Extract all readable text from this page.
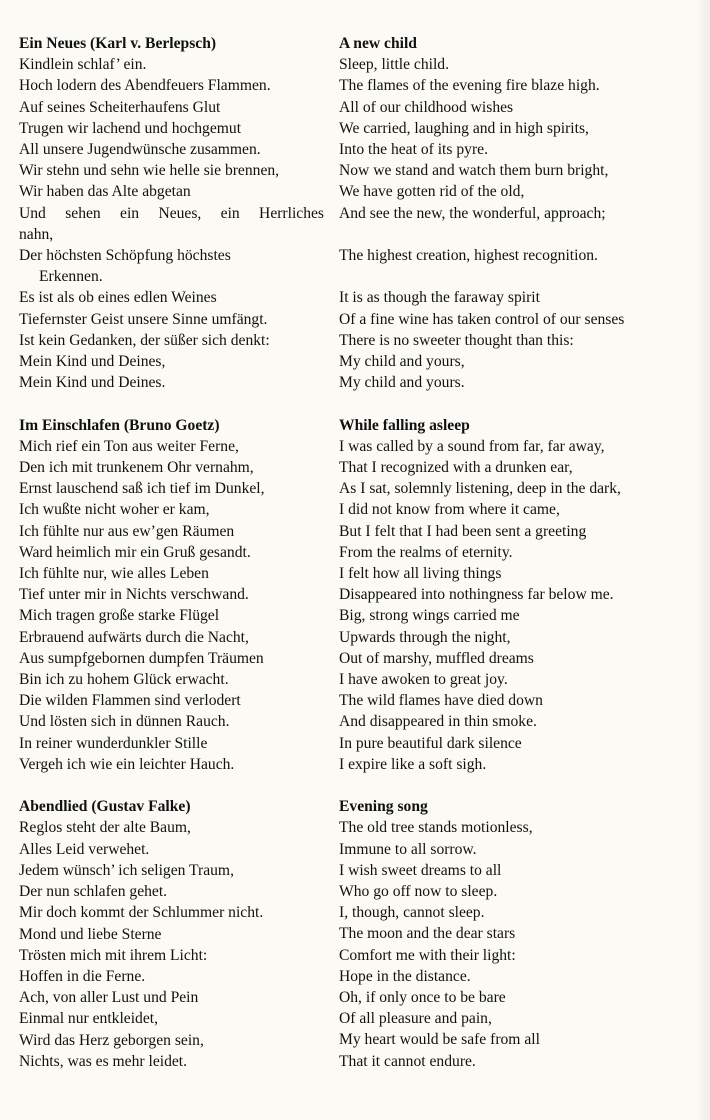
Ein Neues (Karl v. Berlepsch)
Kindlein schlaf’ ein.
Hoch lodern des Abendfeuers Flammen.
Auf seines Scheiterhaufens Glut
Trugen wir lachend und hochgemut
All unsere Jugendwünsche zusammen.
Wir stehn und sehn wie helle sie brennen,
Wir haben das Alte abgetan
Und sehen ein Neues, ein Herrliches
nahn,
Der höchsten Schöpfung höchstes
Erkennen.
Es ist als ob eines edlen Weines
Tiefernster Geist unsere Sinne umfängt.
Ist kein Gedanken, der süßer sich denkt:
Mein Kind und Deines,
Mein Kind und Deines.
Im Einschlafen (Bruno Goetz)
Mich rief ein Ton aus weiter Ferne,
Den ich mit trunkenem Ohr vernahm,
Ernst lauschend saß ich tief im Dunkel,
Ich wußte nicht woher er kam,
Ich fühlte nur aus ew’gen Räumen
Ward heimlich mir ein Gruß gesandt.
Ich fühlte nur, wie alles Leben
Tief unter mir in Nichts verschwand.
Mich tragen große starke Flügel
Erbrauend aufwärts durch die Nacht,
Aus sumpfgebornen dumpfen Träumen
Bin ich zu hohem Glück erwacht.
Die wilden Flammen sind verlodert
Und lösten sich in dünnen Rauch.
In reiner wunderdunkler Stille
Vergeh ich wie ein leichter Hauch.
Abendlied (Gustav Falke)
Reglos steht der alte Baum,
Alles Leid verwehet.
Jedem wünsch’ ich seligen Traum,
Der nun schlafen gehet.
Mir doch kommt der Schlummer nicht.
Mond und liebe Sterne
Trösten mich mit ihrem Licht:
Hoffen in die Ferne.
Ach, von aller Lust und Pein
Einmal nur entkleidet,
Wird das Herz geborgen sein,
Nichts, was es mehr leidet.
A new child
Sleep, little child.
The flames of the evening fire blaze high.
All of our childhood wishes
We carried, laughing and in high spirits,
Into the heat of its pyre.
Now we stand and watch them burn bright,
We have gotten rid of the old,
And see the new, the wonderful, approach;
The highest creation, highest recognition.
It is as though the faraway spirit
Of a fine wine has taken control of our senses
There is no sweeter thought than this:
My child and yours,
My child and yours.
While falling asleep
I was called by a sound from far, far away,
That I recognized with a drunken ear,
As I sat, solemnly listening, deep in the dark,
I did not know from where it came,
But I felt that I had been sent a greeting
From the realms of eternity.
I felt how all living things
Disappeared into nothingness far below me.
Big, strong wings carried me
Upwards through the night,
Out of marshy, muffled dreams
I have awoken to great joy.
The wild flames have died down
And disappeared in thin smoke.
In pure beautiful dark silence
I expire like a soft sigh.
Evening song
The old tree stands motionless,
Immune to all sorrow.
I wish sweet dreams to all
Who go off now to sleep.
I, though, cannot sleep.
The moon and the dear stars
Comfort me with their light:
Hope in the distance.
Oh, if only once to be bare
Of all pleasure and pain,
My heart would be safe from all
That it cannot endure.
